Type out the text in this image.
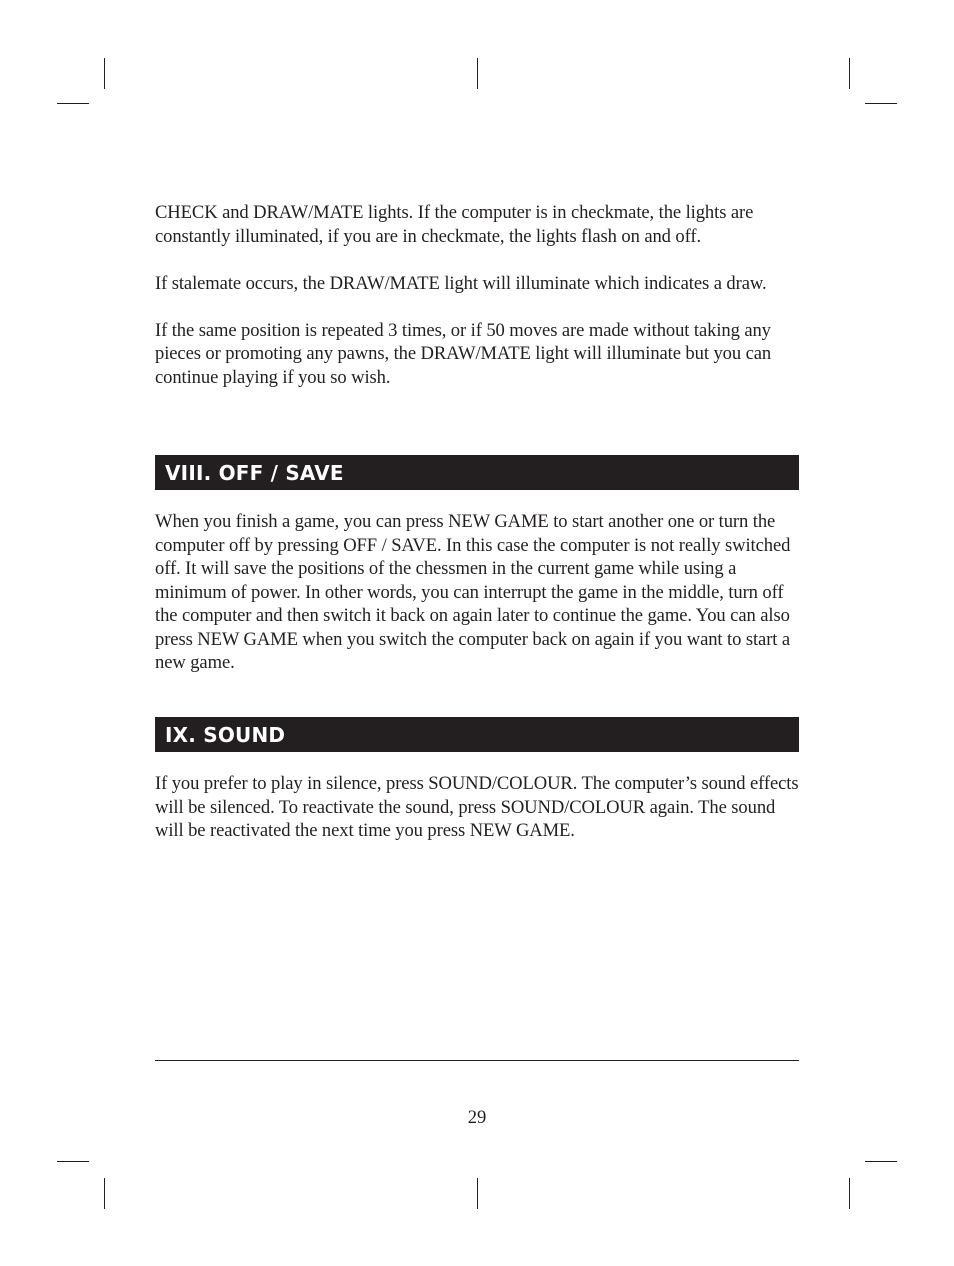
CHECK and DRAW/MATE lights. If the computer is in checkmate, the lights are constantly illuminated, if you are in checkmate, the lights flash on and off.

If stalemate occurs, the DRAW/MATE light will illuminate which indicates a draw.

If the same position is repeated 3 times, or if 50 moves are made without taking any pieces or promoting any pawns, the DRAW/MATE light will illuminate but you can continue playing if you so wish.

VIII. OFF / SAVE

When you finish a game, you can press NEW GAME to start another one or turn the computer off by pressing OFF / SAVE. In this case the computer is not really switched off. It will save the positions of the chessmen in the current game while using a minimum of power. In other words, you can interrupt the game in the middle, turn off the computer and then switch it back on again later to continue the game. You can also press NEW GAME when you switch the computer back on again if you want to start a new game.

IX. SOUND

If you prefer to play in silence, press SOUND/COLOUR. The computer’s sound effects will be silenced. To reactivate the sound, press SOUND/COLOUR again. The sound will be reactivated the next time you press NEW GAME.

29
